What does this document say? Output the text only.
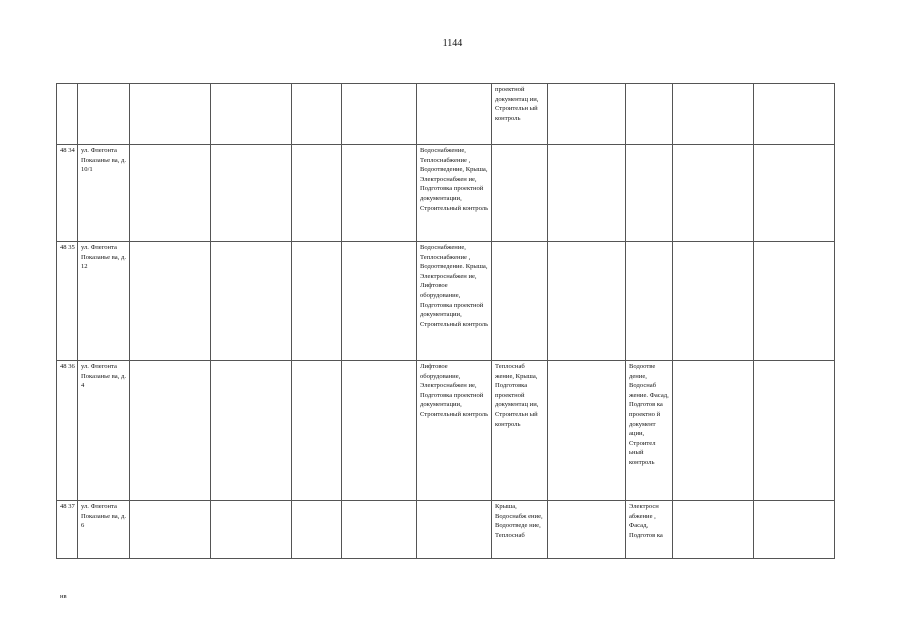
1144
							проектной документац ии, Строительн ый контроль				
48 34	ул. Флегонта Показанье ва, д. 10/1					Водоснабжение, Теплоснабжение , Водоотведение, Крыша, Электроснабжен ие, Подготовка проектной документации, Строительный контроль					
48 35	ул. Флегонта Показанье ва, д. 12					Водоснабжение, Теплоснабжение , Водоотведение. Крыша, Электроснабжен ие, Лифтовое оборудование, Подготовка проектной документации, Строительный контроль					
48 36	ул. Флегонта Показанье ва, д. 4					Лифтовое оборудование, Электроснабжен ие, Подготовка проектной документации, Строительный контроль	Теплоснаб жение, Крыша, Подготовка проектной документац ии, Строительн ый контроль		Водоотве дение, Водоснаб жение. Фасад, Подготов ка проектно й документ ации, Строител ьный контроль		
48 37	ул. Флегонта Показанье ва, д. 6						Крыша, Водоснабж ение, Водоотведе ние, Теплоснаб		Электросн абжение , Фасад, Подготов ка		
нв
